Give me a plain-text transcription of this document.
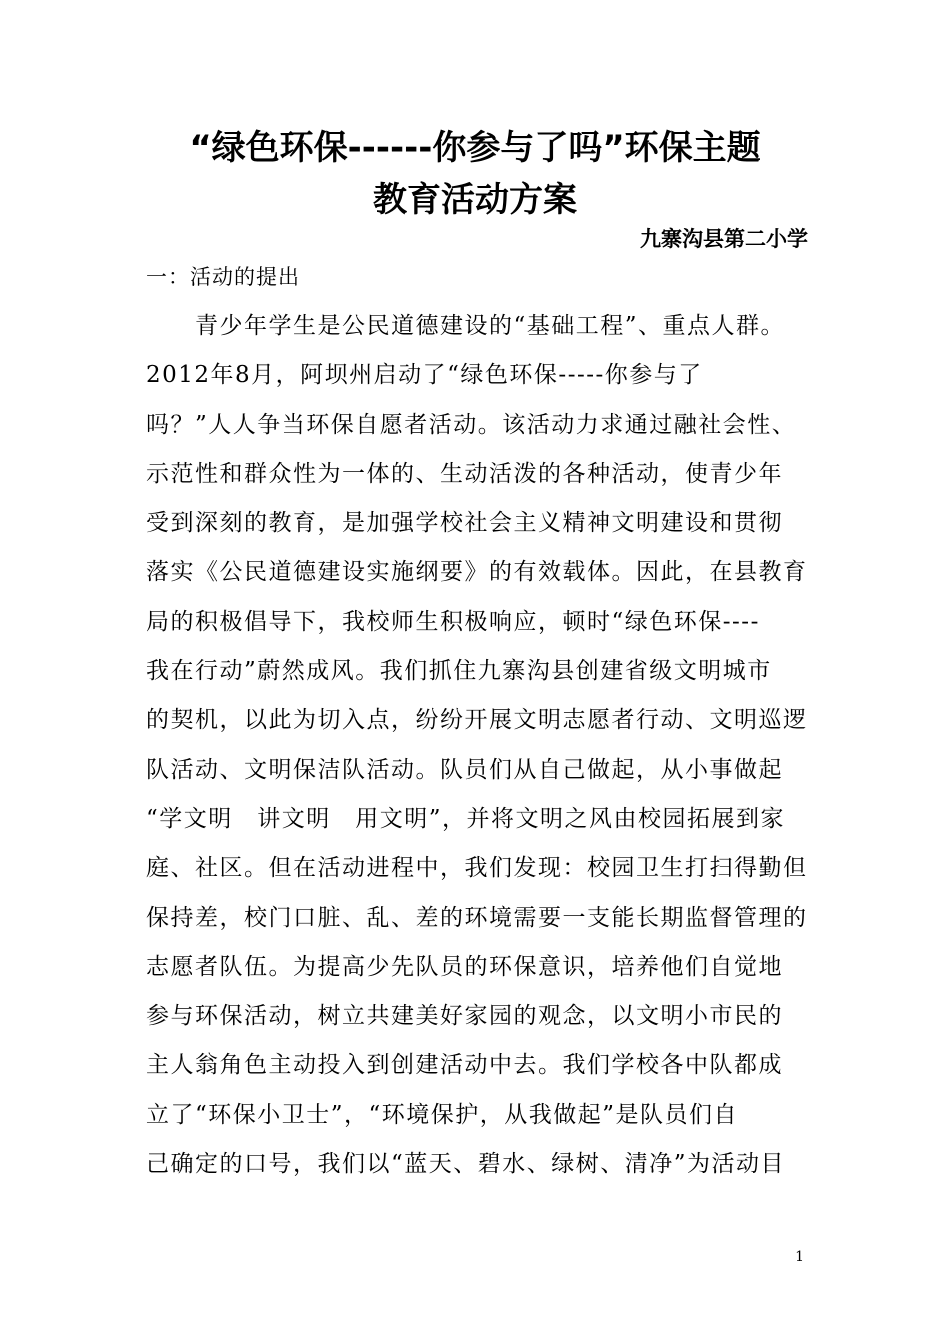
“绿色环保------你参与了吗”环保主题
教育活动方案
九寨沟县第二小学
一：活动的提出
　　青少年学生是公民道德建设的“基础工程”、重点人群。
2012年8月，阿坝州启动了“绿色环保-----你参与了
吗？”人人争当环保自愿者活动。该活动力求通过融社会性、
示范性和群众性为一体的、生动活泼的各种活动，使青少年
受到深刻的教育，是加强学校社会主义精神文明建设和贯彻
落实《公民道德建设实施纲要》的有效载体。因此，在县教育
局的积极倡导下，我校师生积极响应，顿时“绿色环保----
我在行动”蔚然成风。我们抓住九寨沟县创建省级文明城市
的契机，以此为切入点，纷纷开展文明志愿者行动、文明巡逻
队活动、文明保洁队活动。队员们从自己做起，从小事做起
“学文明　讲文明　用文明”，并将文明之风由校园拓展到家
庭、社区。但在活动进程中，我们发现：校园卫生打扫得勤但
保持差，校门口脏、乱、差的环境需要一支能长期监督管理的
志愿者队伍。为提高少先队员的环保意识，培养他们自觉地
参与环保活动，树立共建美好家园的观念，以文明小市民的
主人翁角色主动投入到创建活动中去。我们学校各中队都成
立了“环保小卫士”，“环境保护，从我做起”是队员们自
己确定的口号，我们以“蓝天、碧水、绿树、清净”为活动目
1
